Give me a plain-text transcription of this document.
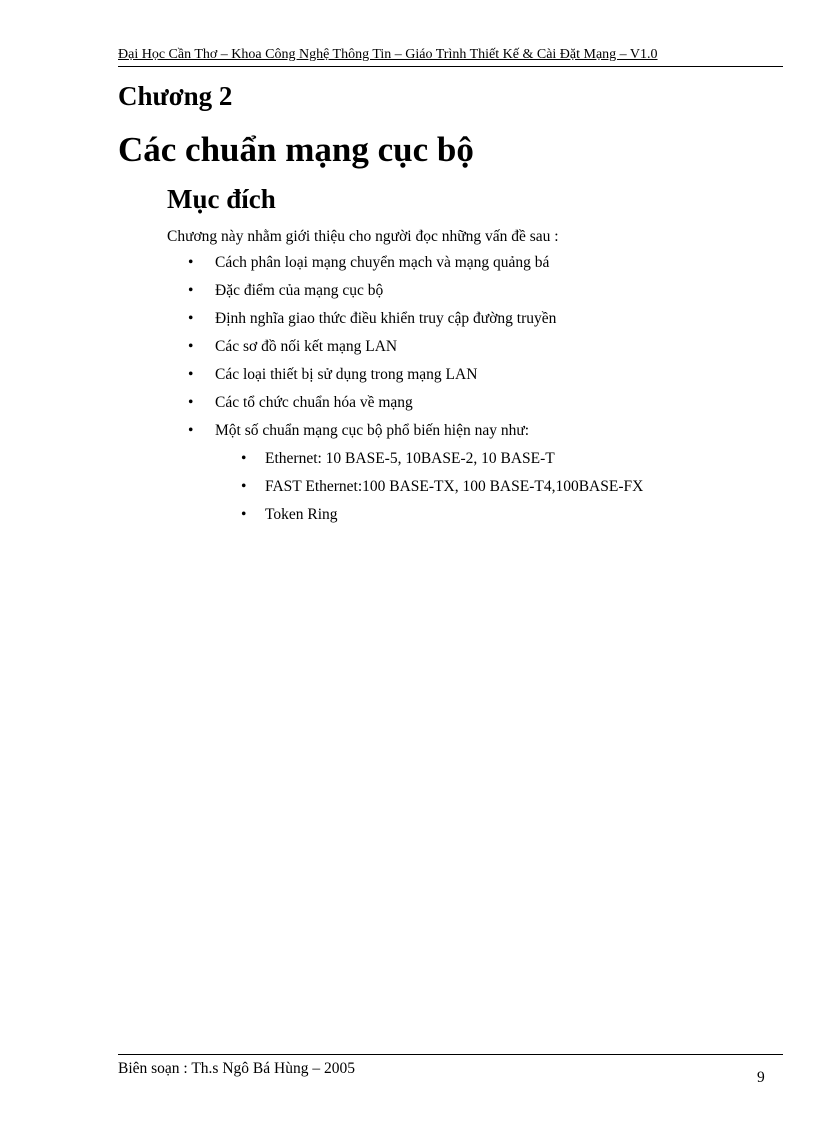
Đại Học Cần Thơ – Khoa Công Nghệ Thông Tin – Giáo Trình Thiết Kế & Cài Đặt Mạng – V1.0
Chương 2
Các chuẩn mạng cục bộ
Mục đích
Chương này nhằm giới thiệu cho người đọc những vấn đề sau :
• Cách phân loại mạng chuyển mạch và mạng quảng bá
• Đặc điểm của mạng cục bộ
• Định nghĩa giao thức điều khiển truy cập đường truyền
• Các sơ đồ nối kết mạng LAN
• Các loại thiết bị sử dụng trong mạng LAN
• Các tổ chức chuẩn hóa về mạng
• Một số chuẩn mạng cục bộ phổ biến hiện nay như:
• Ethernet: 10 BASE-5, 10BASE-2, 10 BASE-T
• FAST Ethernet:100 BASE-TX, 100 BASE-T4,100BASE-FX
• Token Ring
Biên soạn : Th.s Ngô Bá Hùng – 2005
9
